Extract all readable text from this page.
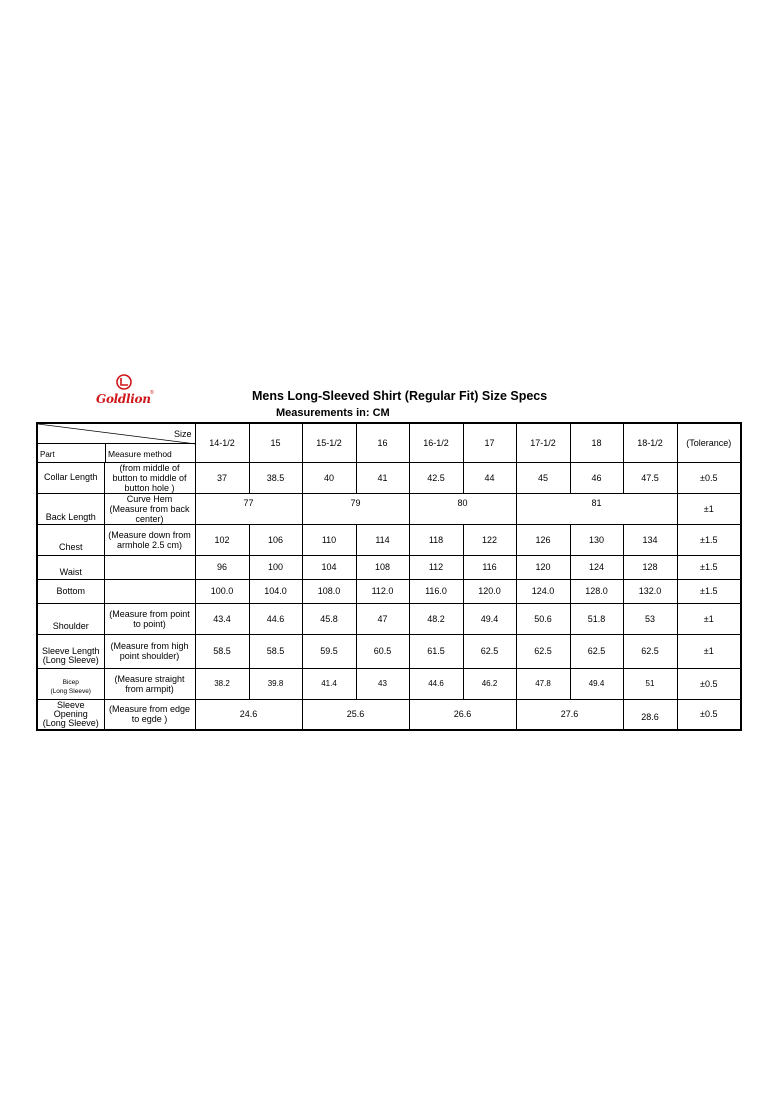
Goldlion ®	Mens Long-Sleeved Shirt (Regular Fit) Size Specs
Measurements in: CM
Size
Part Measure method		14-1/2	15	15-1/2	16	16-1/2	17	17-1/2	18	18-1/2	(Tolerance)
Collar Length	(from middle of button to middle of button hole )	37	38.5	40	41	42.5	44	45	46	47.5	±0.5
Back Length	Curve Hem (Measure from back center)	77		79		80		81			±1
Chest	(Measure down from armhole 2.5 cm)	102	106	110	114	118	122	126	130	134	±1.5
Waist		96	100	104	108	112	116	120	124	128	±1.5
Bottom		100.0	104.0	108.0	112.0	116.0	120.0	124.0	128.0	132.0	±1.5
Shoulder	(Measure from point to point)	43.4	44.6	45.8	47	48.2	49.4	50.6	51.8	53	±1

Sleeve Length
(Long Sleeve)	(Measure from high point shoulder)	58.5	58.5	59.5	60.5	61.5	62.5	62.5	62.5	62.5	±1

Bicep
(Long Sleeve)	(Measure straight from armpit)	38.2	39.8	41.4	43	44.6	46.2	47.8	49.4	51	±0.5

Sleeve Opening
(Long Sleeve)	(Measure from edge to egde )	24.6		25.6		26.6		27.6		28.6	±0.5
